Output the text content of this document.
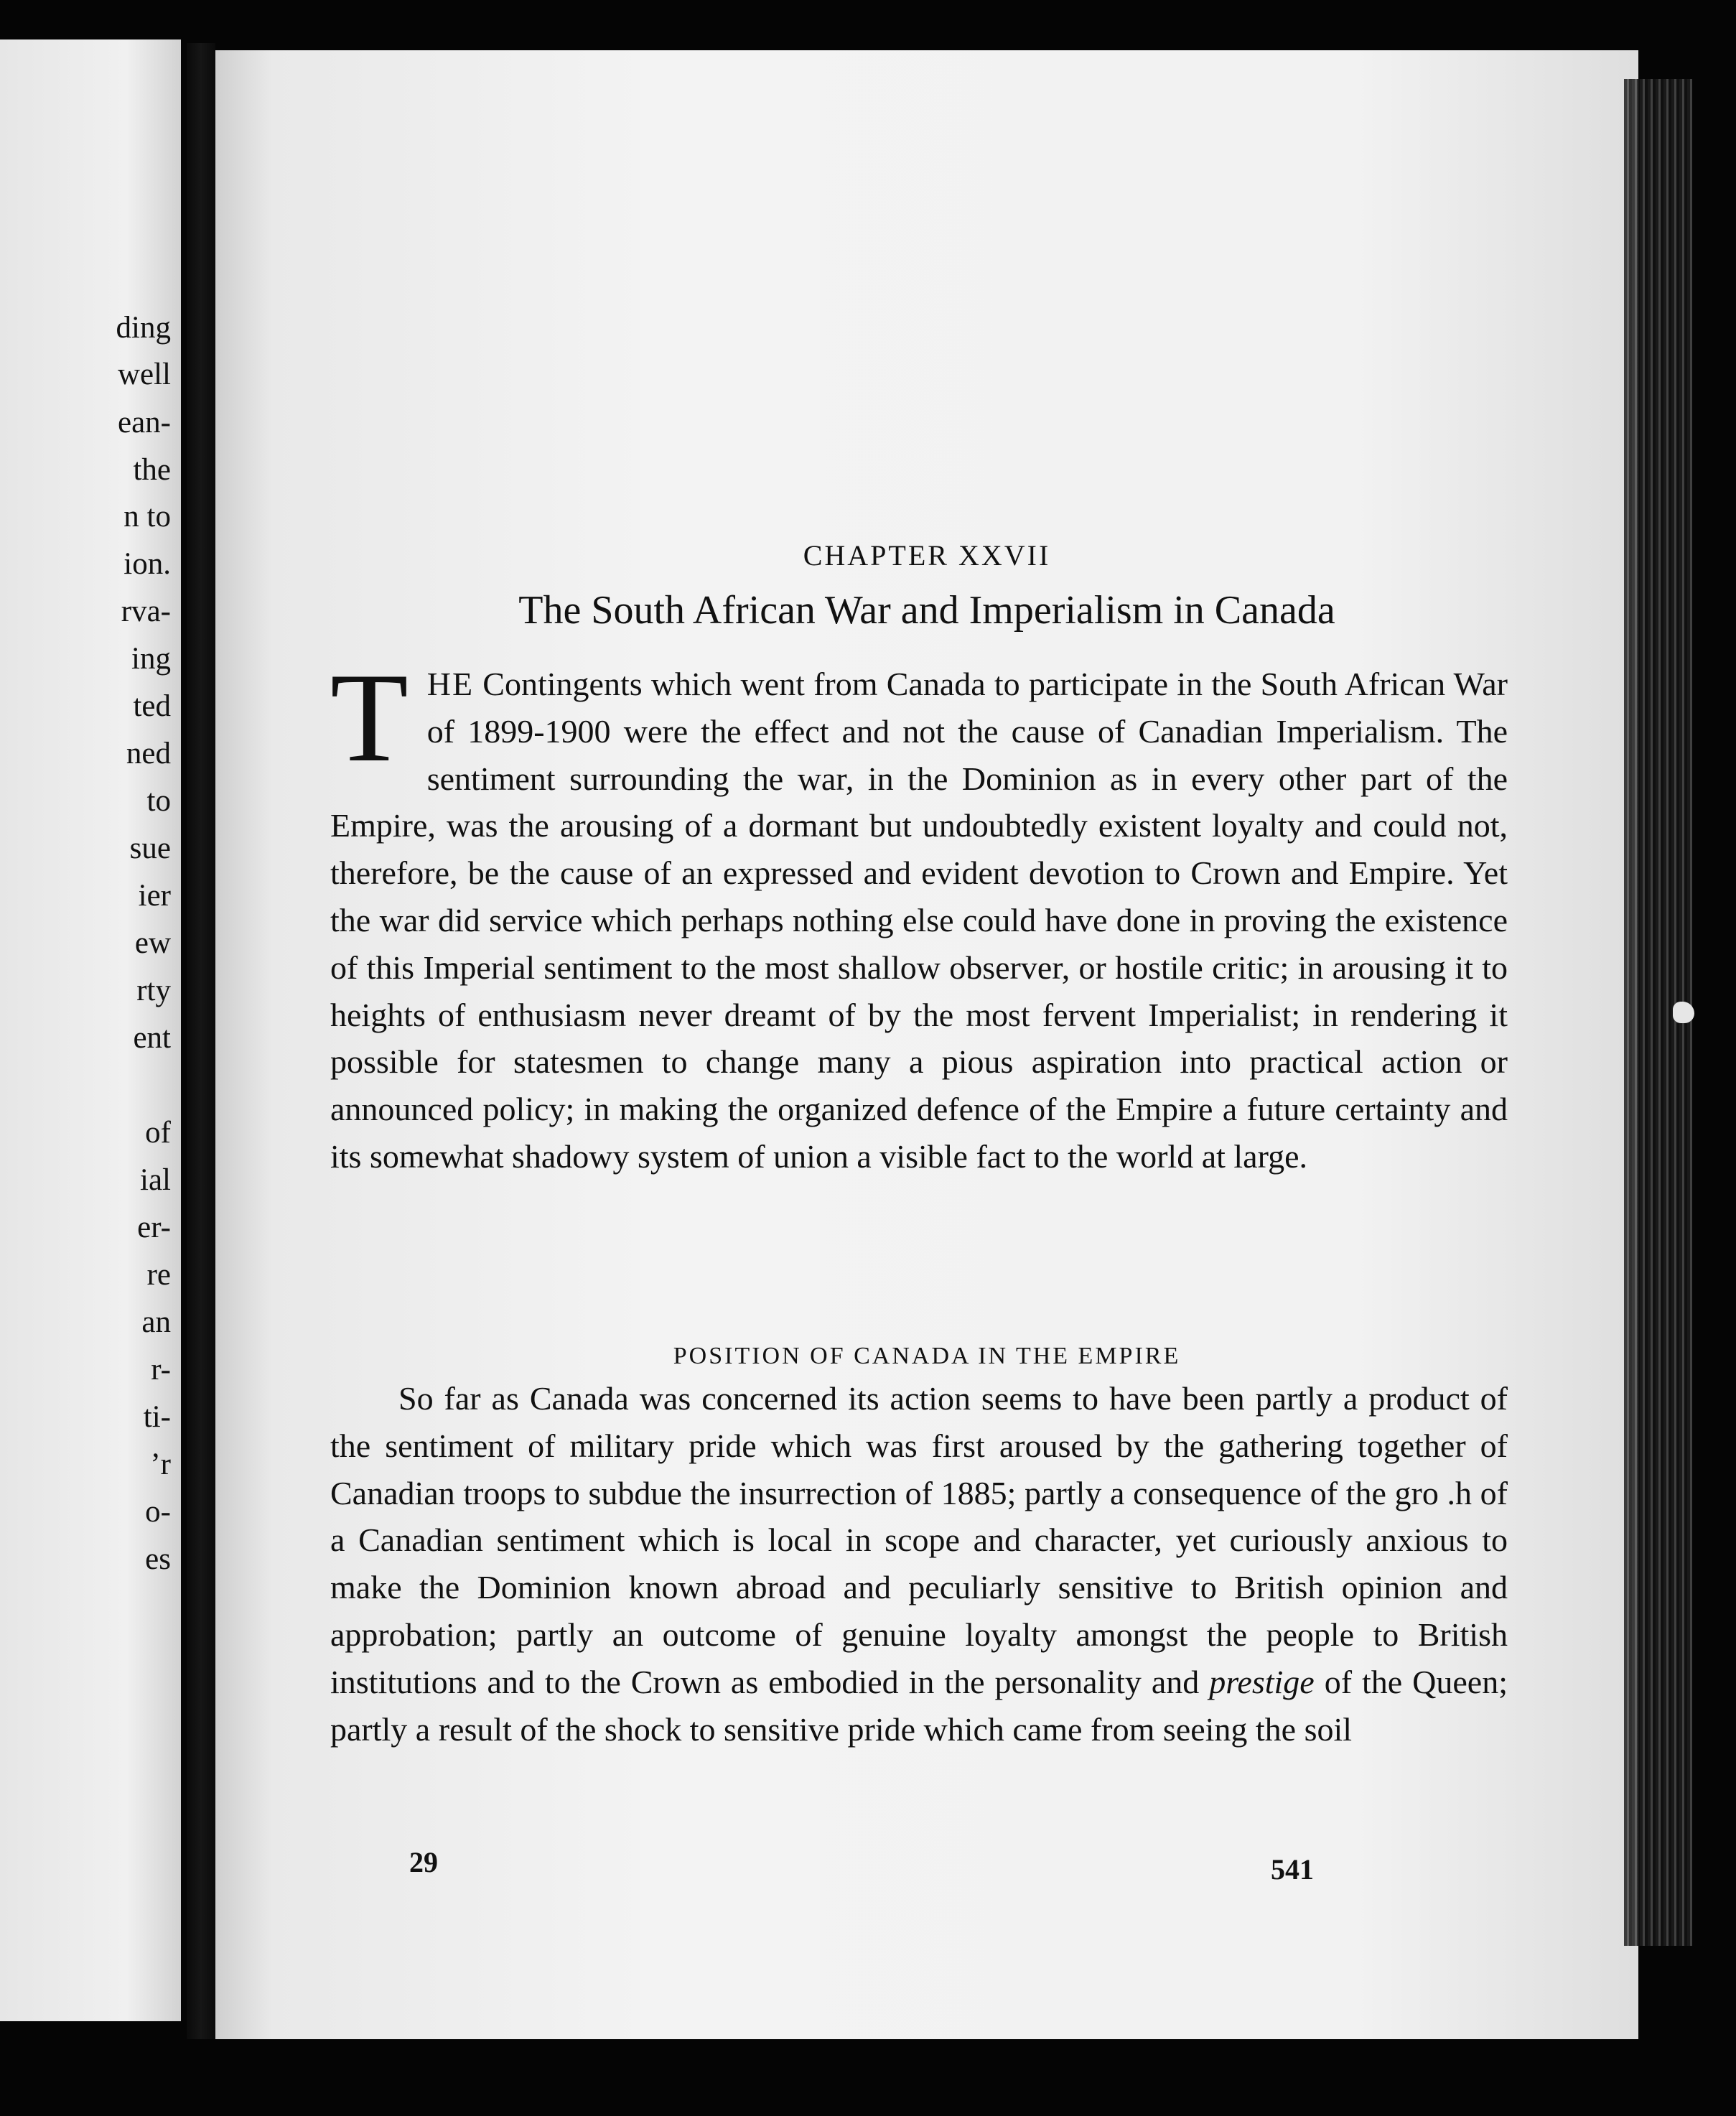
ding

well

ean-

the

n to

ion.

rva-

ing

ted

ned

to

sue

ier

ew

rty

ent

of

ial

er-

re

an

r-

ti-

’r

o-

es

CHAPTER XXVII
The South African War and Imperialism in Canada

THE Contingents which went from Canada to participate in the South African War of 1899-1900 were the effect and not the cause of Canadian Imperialism. The sentiment surrounding the war, in the Dominion as in every other part of the Empire, was the arousing of a dormant but undoubtedly existent loyalty and could not, therefore, be the cause of an expressed and evident devotion to Crown and Empire. Yet the war did service which perhaps nothing else could have done in proving the existence of this Imperial sentiment to the most shallow observer, or hostile critic; in arousing it to heights of enthusiasm never dreamt of by the most fervent Imperialist; in rendering it possible for statesmen to change many a pious aspiration into practical action or announced policy; in making the organized defence of the Empire a future certainty and its somewhat shadowy system of union a visible fact to the world at large.

POSITION OF CANADA IN THE EMPIRE

So far as Canada was concerned its action seems to have been partly a product of the sentiment of military pride which was first aroused by the gathering together of Canadian troops to subdue the insurrection of 1885; partly a consequence of the gro .h of a Canadian sentiment which is local in scope and character, yet curiously anxious to make the Dominion known abroad and peculiarly sensitive to British opinion and approbation; partly an outcome of genuine loyalty amongst the people to British institutions and to the Crown as embodied in the personality and prestige of the Queen; partly a result of the shock to sensitive pride which came from seeing the soil

29	541
